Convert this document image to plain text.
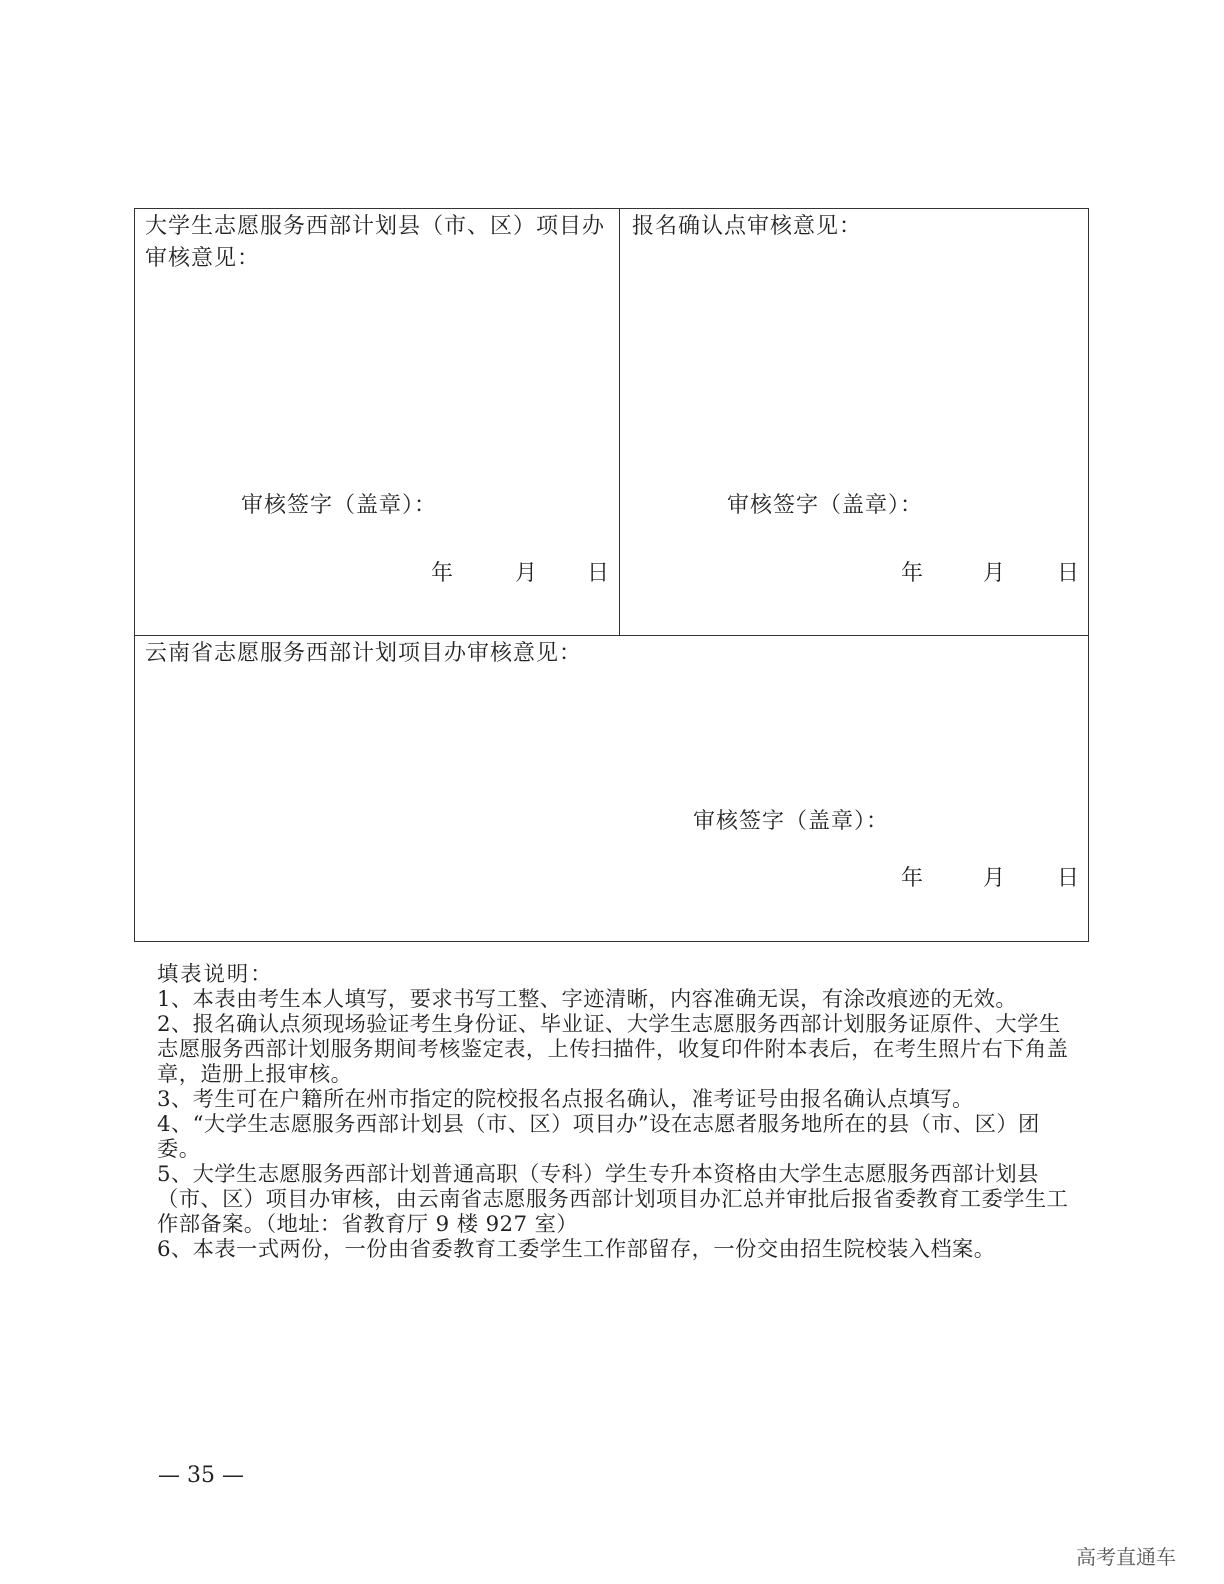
大学生志愿服务西部计划县（市、区）项目办审核意见：
审核签字（盖章）：
年	月 日
报名确认点审核意见：
审核签字（盖章）：
年	月 日
云南省志愿服务西部计划项目办审核意见：
审核签字（盖章）：
年	月 日
填表说明：
1、本表由考生本人填写，要求书写工整、字迹清晰，内容准确无误，有涂改痕迹的无效。
2、报名确认点须现场验证考生身份证、毕业证、大学生志愿服务西部计划服务证原件、大学生志愿服务西部计划服务期间考核鉴定表，上传扫描件，收复印件附本表后，在考生照片右下角盖章，造册上报审核。
3、考生可在户籍所在州市指定的院校报名点报名确认，准考证号由报名确认点填写。
4、“大学生志愿服务西部计划县（市、区）项目办”设在志愿者服务地所在的县（市、区）团委。
5、大学生志愿服务西部计划普通高职（专科）学生专升本资格由大学生志愿服务西部计划县（市、区）项目办审核，由云南省志愿服务西部计划项目办汇总并审批后报省委教育工委学生工作部备案。（地址：省教育厅 9 楼 927 室）
6、本表一式两份，一份由省委教育工委学生工作部留存，一份交由招生院校装入档案。
— 35 —
高考直通车
